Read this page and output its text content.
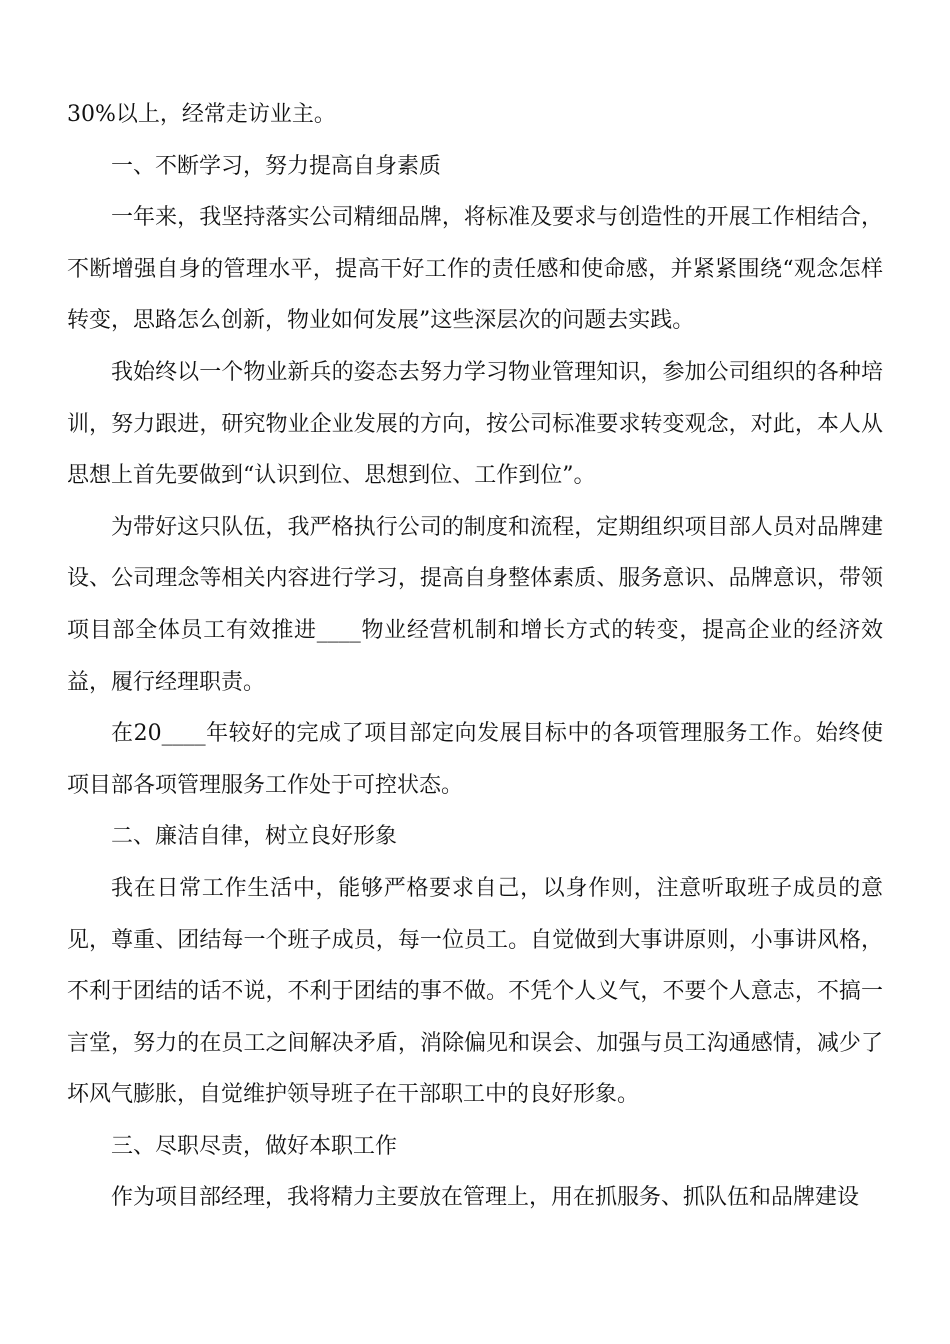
30%以上，经常走访业主。

一、不断学习，努力提高自身素质

一年来，我坚持落实公司精细品牌，将标准及要求与创造性的开展工作相结合，不断增强自身的管理水平，提高干好工作的责任感和使命感，并紧紧围绕“观念怎样转变，思路怎么创新，物业如何发展”这些深层次的问题去实践。

我始终以一个物业新兵的姿态去努力学习物业管理知识，参加公司组织的各种培训，努力跟进，研究物业企业发展的方向，按公司标准要求转变观念，对此，本人从思想上首先要做到“认识到位、思想到位、工作到位”。

为带好这只队伍，我严格执行公司的制度和流程，定期组织项目部人员对品牌建设、公司理念等相关内容进行学习，提高自身整体素质、服务意识、品牌意识，带领项目部全体员工有效推进____物业经营机制和增长方式的转变，提高企业的经济效益，履行经理职责。

在20____年较好的完成了项目部定向发展目标中的各项管理服务工作。始终使项目部各项管理服务工作处于可控状态。

二、廉洁自律，树立良好形象

我在日常工作生活中，能够严格要求自己，以身作则，注意听取班子成员的意见，尊重、团结每一个班子成员，每一位员工。自觉做到大事讲原则，小事讲风格，不利于团结的话不说，不利于团结的事不做。不凭个人义气，不要个人意志，不搞一言堂，努力的在员工之间解决矛盾，消除偏见和误会、加强与员工沟通感情，减少了坏风气膨胀，自觉维护领导班子在干部职工中的良好形象。

三、尽职尽责，做好本职工作

作为项目部经理，我将精力主要放在管理上，用在抓服务、抓队伍和品牌建设
